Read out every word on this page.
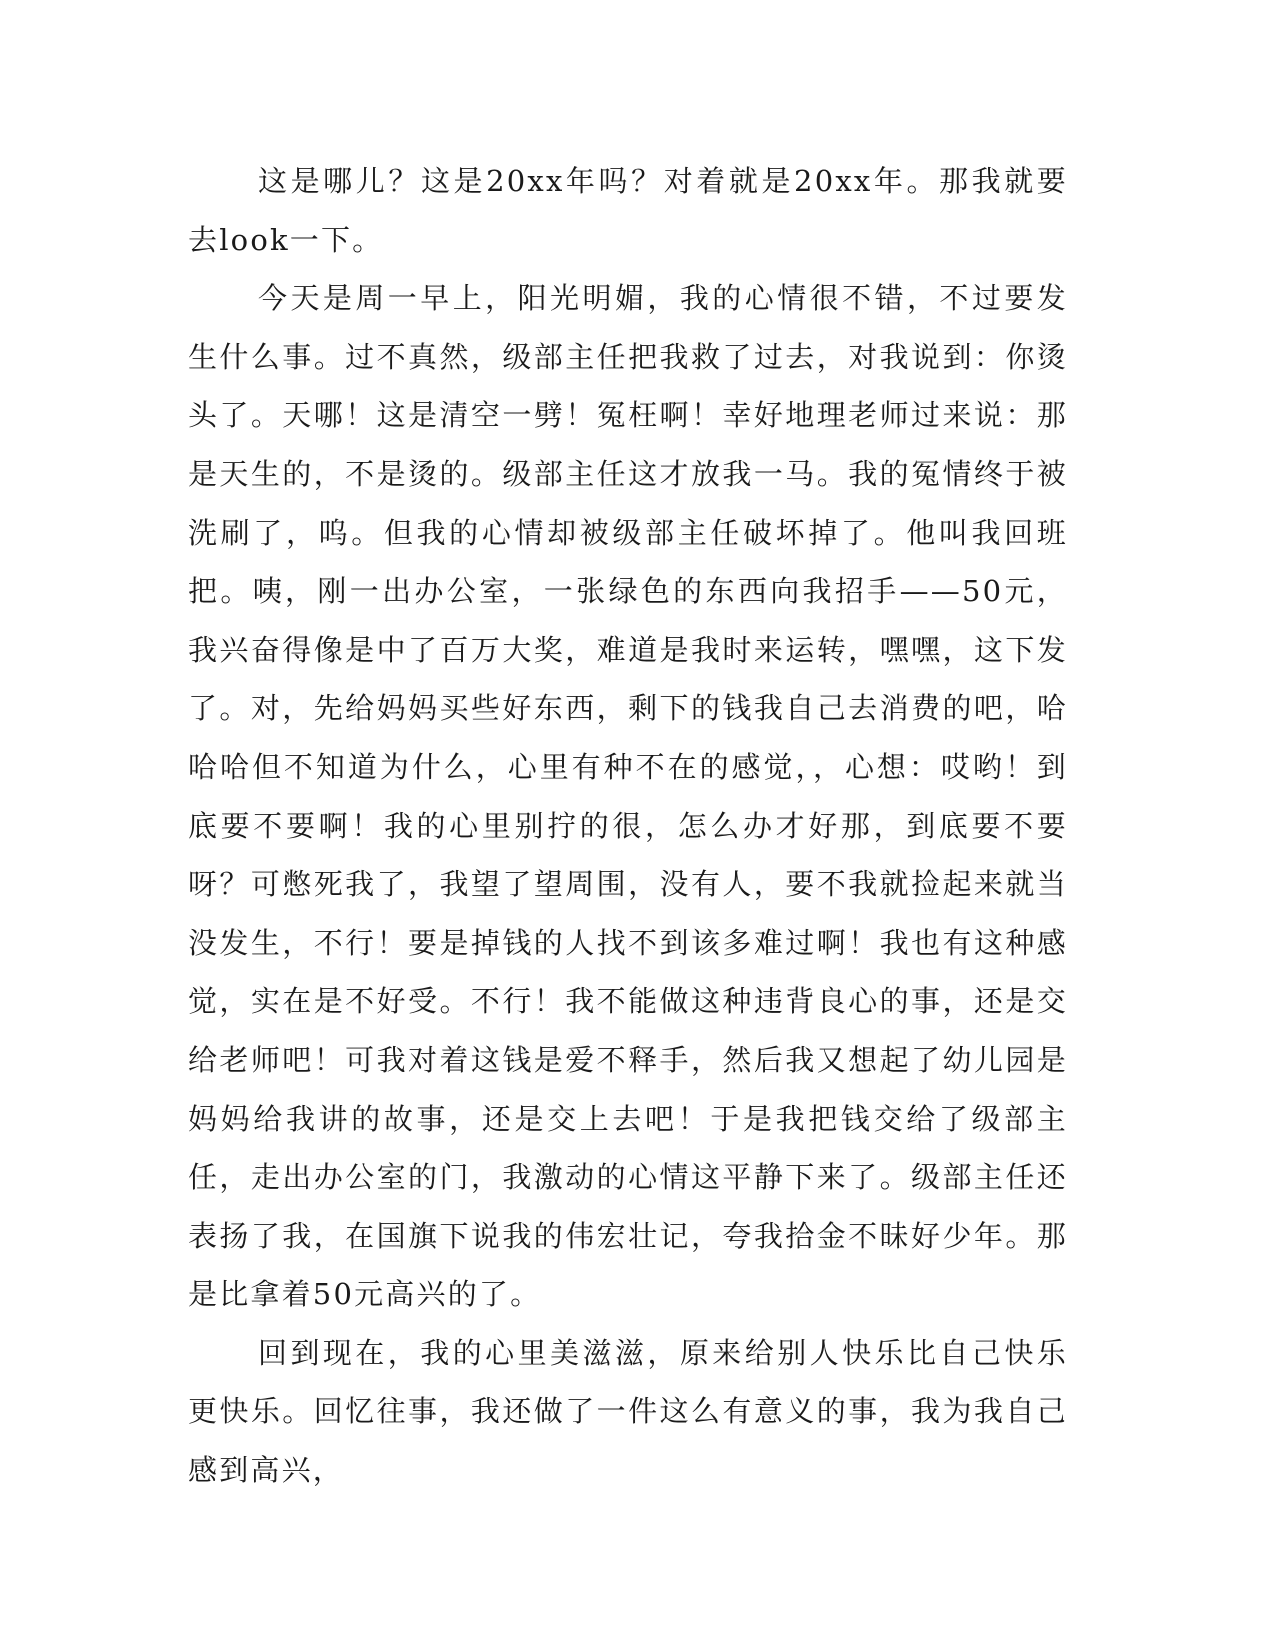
这是哪儿？这是20xx年吗？对着就是20xx年。那我就要去look一下。

今天是周一早上，阳光明媚，我的心情很不错，不过要发生什么事。过不真然，级部主任把我救了过去，对我说到：你烫头了。天哪！这是清空一劈！冤枉啊！幸好地理老师过来说：那是天生的，不是烫的。级部主任这才放我一马。我的冤情终于被洗刷了，呜。但我的心情却被级部主任破坏掉了。他叫我回班把。咦，刚一出办公室，一张绿色的东西向我招手——50元，我兴奋得像是中了百万大奖，难道是我时来运转，嘿嘿，这下发了。对，先给妈妈买些好东西，剩下的钱我自己去消费的吧，哈哈哈但不知道为什么，心里有种不在的感觉，，心想：哎哟！到底要不要啊！我的心里别拧的很，怎么办才好那，到底要不要呀？可憋死我了，我望了望周围，没有人，要不我就捡起来就当没发生，不行！要是掉钱的人找不到该多难过啊！我也有这种感觉，实在是不好受。不行！我不能做这种违背良心的事，还是交给老师吧！可我对着这钱是爱不释手，然后我又想起了幼儿园是妈妈给我讲的故事，还是交上去吧！于是我把钱交给了级部主任，走出办公室的门，我激动的心情这平静下来了。级部主任还表扬了我，在国旗下说我的伟宏壮记，夸我拾金不昧好少年。那是比拿着50元高兴的了。

回到现在，我的心里美滋滋，原来给别人快乐比自己快乐更快乐。回忆往事，我还做了一件这么有意义的事，我为我自己感到高兴，
